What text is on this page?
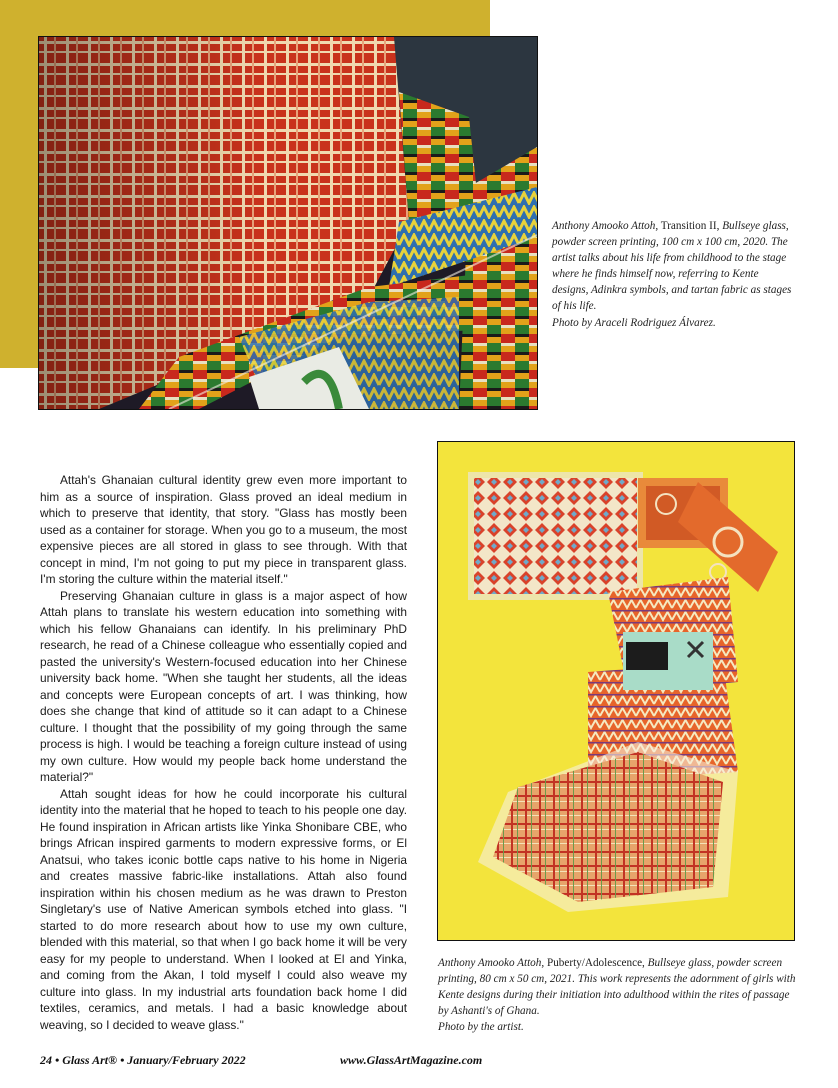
Anthony Amooko Attoh, Transition II, Bullseye glass, powder screen printing, 100 cm x 100 cm, 2020. The artist talks about his life from childhood to the stage where he finds himself now, referring to Kente designs, Adinkra symbols, and tartan fabric as stages of his life.

Photo by Araceli Rodriguez Álvarez.

Attah's Ghanaian cultural identity grew even more important to him as a source of inspiration. Glass proved an ideal medium in which to preserve that identity, that story. "Glass has mostly been used as a container for storage. When you go to a museum, the most expensive pieces are all stored in glass to see through. With that concept in mind, I'm not going to put my piece in transparent glass. I'm storing the culture within the material itself."

Preserving Ghanaian culture in glass is a major aspect of how Attah plans to translate his western education into something with which his fellow Ghanaians can identify. In his preliminary PhD research, he read of a Chinese colleague who essentially copied and pasted the university's Western-focused education into her Chinese university back home. "When she taught her students, all the ideas and concepts were European concepts of art. I was thinking, how does she change that kind of attitude so it can adapt to a Chinese culture. I thought that the possibility of my going through the same process is high. I would be teaching a foreign culture instead of using my own culture. How would my people back home understand the material?"

Attah sought ideas for how he could incorporate his cultural identity into the material that he hoped to teach to his people one day. He found inspiration in African artists like Yinka Shonibare CBE, who brings African inspired garments to modern expressive forms, or El Anatsui, who takes iconic bottle caps native to his home in Nigeria and creates massive fabric-like installations. Attah also found inspiration within his chosen medium as he was drawn to Preston Singletary's use of Native American symbols etched into glass. "I started to do more research about how to use my own culture, blended with this material, so that when I go back home it will be very easy for my people to understand. When I looked at El and Yinka, and coming from the Akan, I told myself I could also weave my culture into glass. In my industrial arts foundation back home I did textiles, ceramics, and metals. I had a basic knowledge about weaving, so I decided to weave glass."

Anthony Amooko Attoh, Puberty/Adolescence, Bullseye glass, powder screen printing, 80 cm x 50 cm, 2021. This work represents the adornment of girls with Kente designs during their initiation into adulthood within the rites of passage by Ashanti's of Ghana.

Photo by the artist.

24 • Glass Art® • January/February 2022	www.GlassArtMagazine.com
